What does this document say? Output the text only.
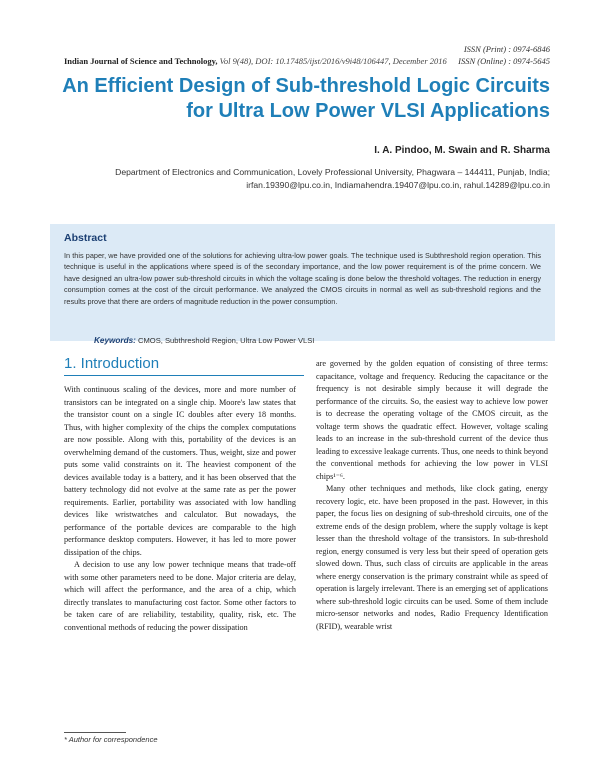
ISSN (Print) : 0974-6846
ISSN (Online) : 0974-5645
Indian Journal of Science and Technology, Vol 9(48), DOI: 10.17485/ijst/2016/v9i48/106447, December 2016
An Efficient Design of Sub-threshold Logic Circuits for Ultra Low Power VLSI Applications
I. A. Pindoo, M. Swain and R. Sharma
Department of Electronics and Communication, Lovely Professional University, Phagwara – 144411, Punjab, India; irfan.19390@lpu.co.in, Indiamahendra.19407@lpu.co.in, rahul.14289@lpu.co.in
Abstract
In this paper, we have provided one of the solutions for achieving ultra-low power goals. The technique used is Subthreshold region operation. This technique is useful in the applications where speed is of the secondary importance, and the low power requirement is of the prime concern. We have designed an ultra-low power sub-threshold circuits in which the voltage scaling is done below the threshold voltages. The reduction in energy consumption comes at the cost of the circuit performance. We analyzed the CMOS circuits in normal as well as sub-threshold regions and the results prove that there are orders of magnitude reduction in the power consumption.
Keywords: CMOS, Subthreshold Region, Ultra Low Power VLSI
1. Introduction

With continuous scaling of the devices, more and more number of transistors can be integrated on a single chip. Moore's law states that the transistor count on a single IC doubles after every 18 months. Thus, with higher complexity of the chips the complex computations are now possible. Along with this, portability of the devices is an overwhelming demand of the customers. Thus, weight, size and power puts some valid constraints on it. The heaviest component of the devices available today is a battery, and it has been observed that the battery technology did not evolve at the same rate as per the power requirements. Earlier, portability was associated with low handling devices like wristwatches and calculator. But nowadays, the performance of the portable devices are comparable to the high performance desktop computers. However, it has led to more power dissipation of the chips.

A decision to use any low power technique means that trade-off with some other parameters need to be done. Major criteria are delay, which will affect the performance, and the area of a chip, which directly translates to manufacturing cost factor. Some other factors to be taken care of are reliability, testability, quality, risk, etc. The conventional methods of reducing the power dissipation

are governed by the golden equation of consisting of three terms: capacitance, voltage and frequency. Reducing the capacitance or the frequency is not desirable simply because it will degrade the performance of the circuits. So, the easiest way to achieve low power is to decrease the operating voltage of the CMOS circuit, as the voltage term shows the quadratic effect. However, voltage scaling leads to an increase in the sub-threshold current of the device thus leading to excessive leakage currents. Thus, one needs to think beyond the conventional methods for achieving the low power in VLSI chips¹⁻⁶.

Many other techniques and methods, like clock gating, energy recovery logic, etc. have been proposed in the past. However, in this paper, the focus lies on designing of sub-threshold circuits, one of the extreme ends of the design problem, where the supply voltage is kept lesser than the threshold voltage of the transistors. In sub-threshold region, energy consumed is very less but their speed of operation gets slowed down. Thus, such class of circuits are applicable in the areas where energy conservation is the primary constraint while as speed of operation is largely irrelevant. There is an emerging set of applications where sub-threshold logic circuits can be used. Some of them include micro-sensor networks and nodes, Radio Frequency Identification (RFID), wearable wrist

* Author for correspondence
